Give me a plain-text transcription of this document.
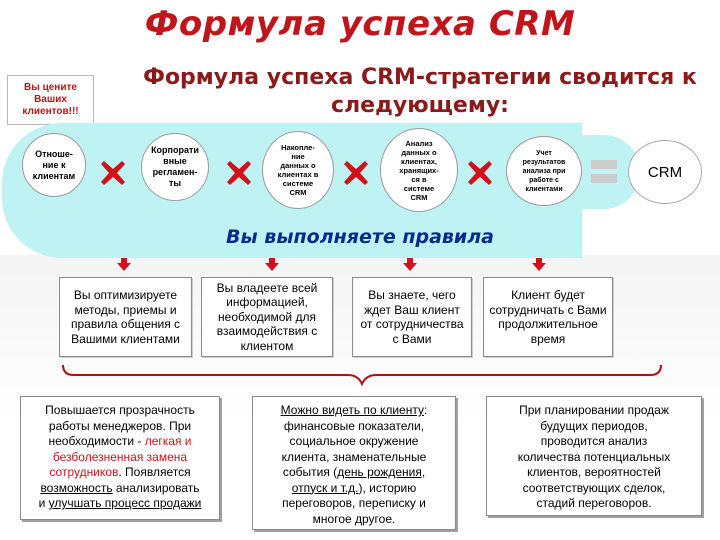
Формула успеха CRM
Формула успеха CRM-стратегии сводится к
следующему:
Вы цените
Ваших
клиентов!!!
Отноше-
ние к
клиентам
Корпорати
вные
регламен-
ты
Накопле-
ние
данных о
клиентах в
системе
CRM
Анализ
данных о
клиентах,
хранящих-
ся в
системе
CRM
Учет
результатов
анализа при
работе с
клиентами
CRM
Вы выполняете правила
Вы оптимизируете методы, приемы и правила общения с Вашими клиентами
Вы владеете всей информацией, необходимой для взаимодействия с клиентом
Вы знаете, чего ждет Ваш клиент от сотрудничества с Вами
Клиент будет сотрудничать с Вами продолжительное время
Повышается прозрачность
работы менеджеров. При
необходимости - легкая и
безболезненная замена
сотрудников. Появляется
возможность анализировать
и улучшать процесс продажи
Можно видеть по клиенту:
финансовые показатели,
социальное окружение
клиента, знаменательные
события (день рождения,
отпуск и т.д.), историю
переговоров, переписку и
многое другое.
При планировании продаж
будущих периодов,
проводится анализ
количества потенциальных
клиентов, вероятностей
соответствующих сделок,
стадий переговоров.
